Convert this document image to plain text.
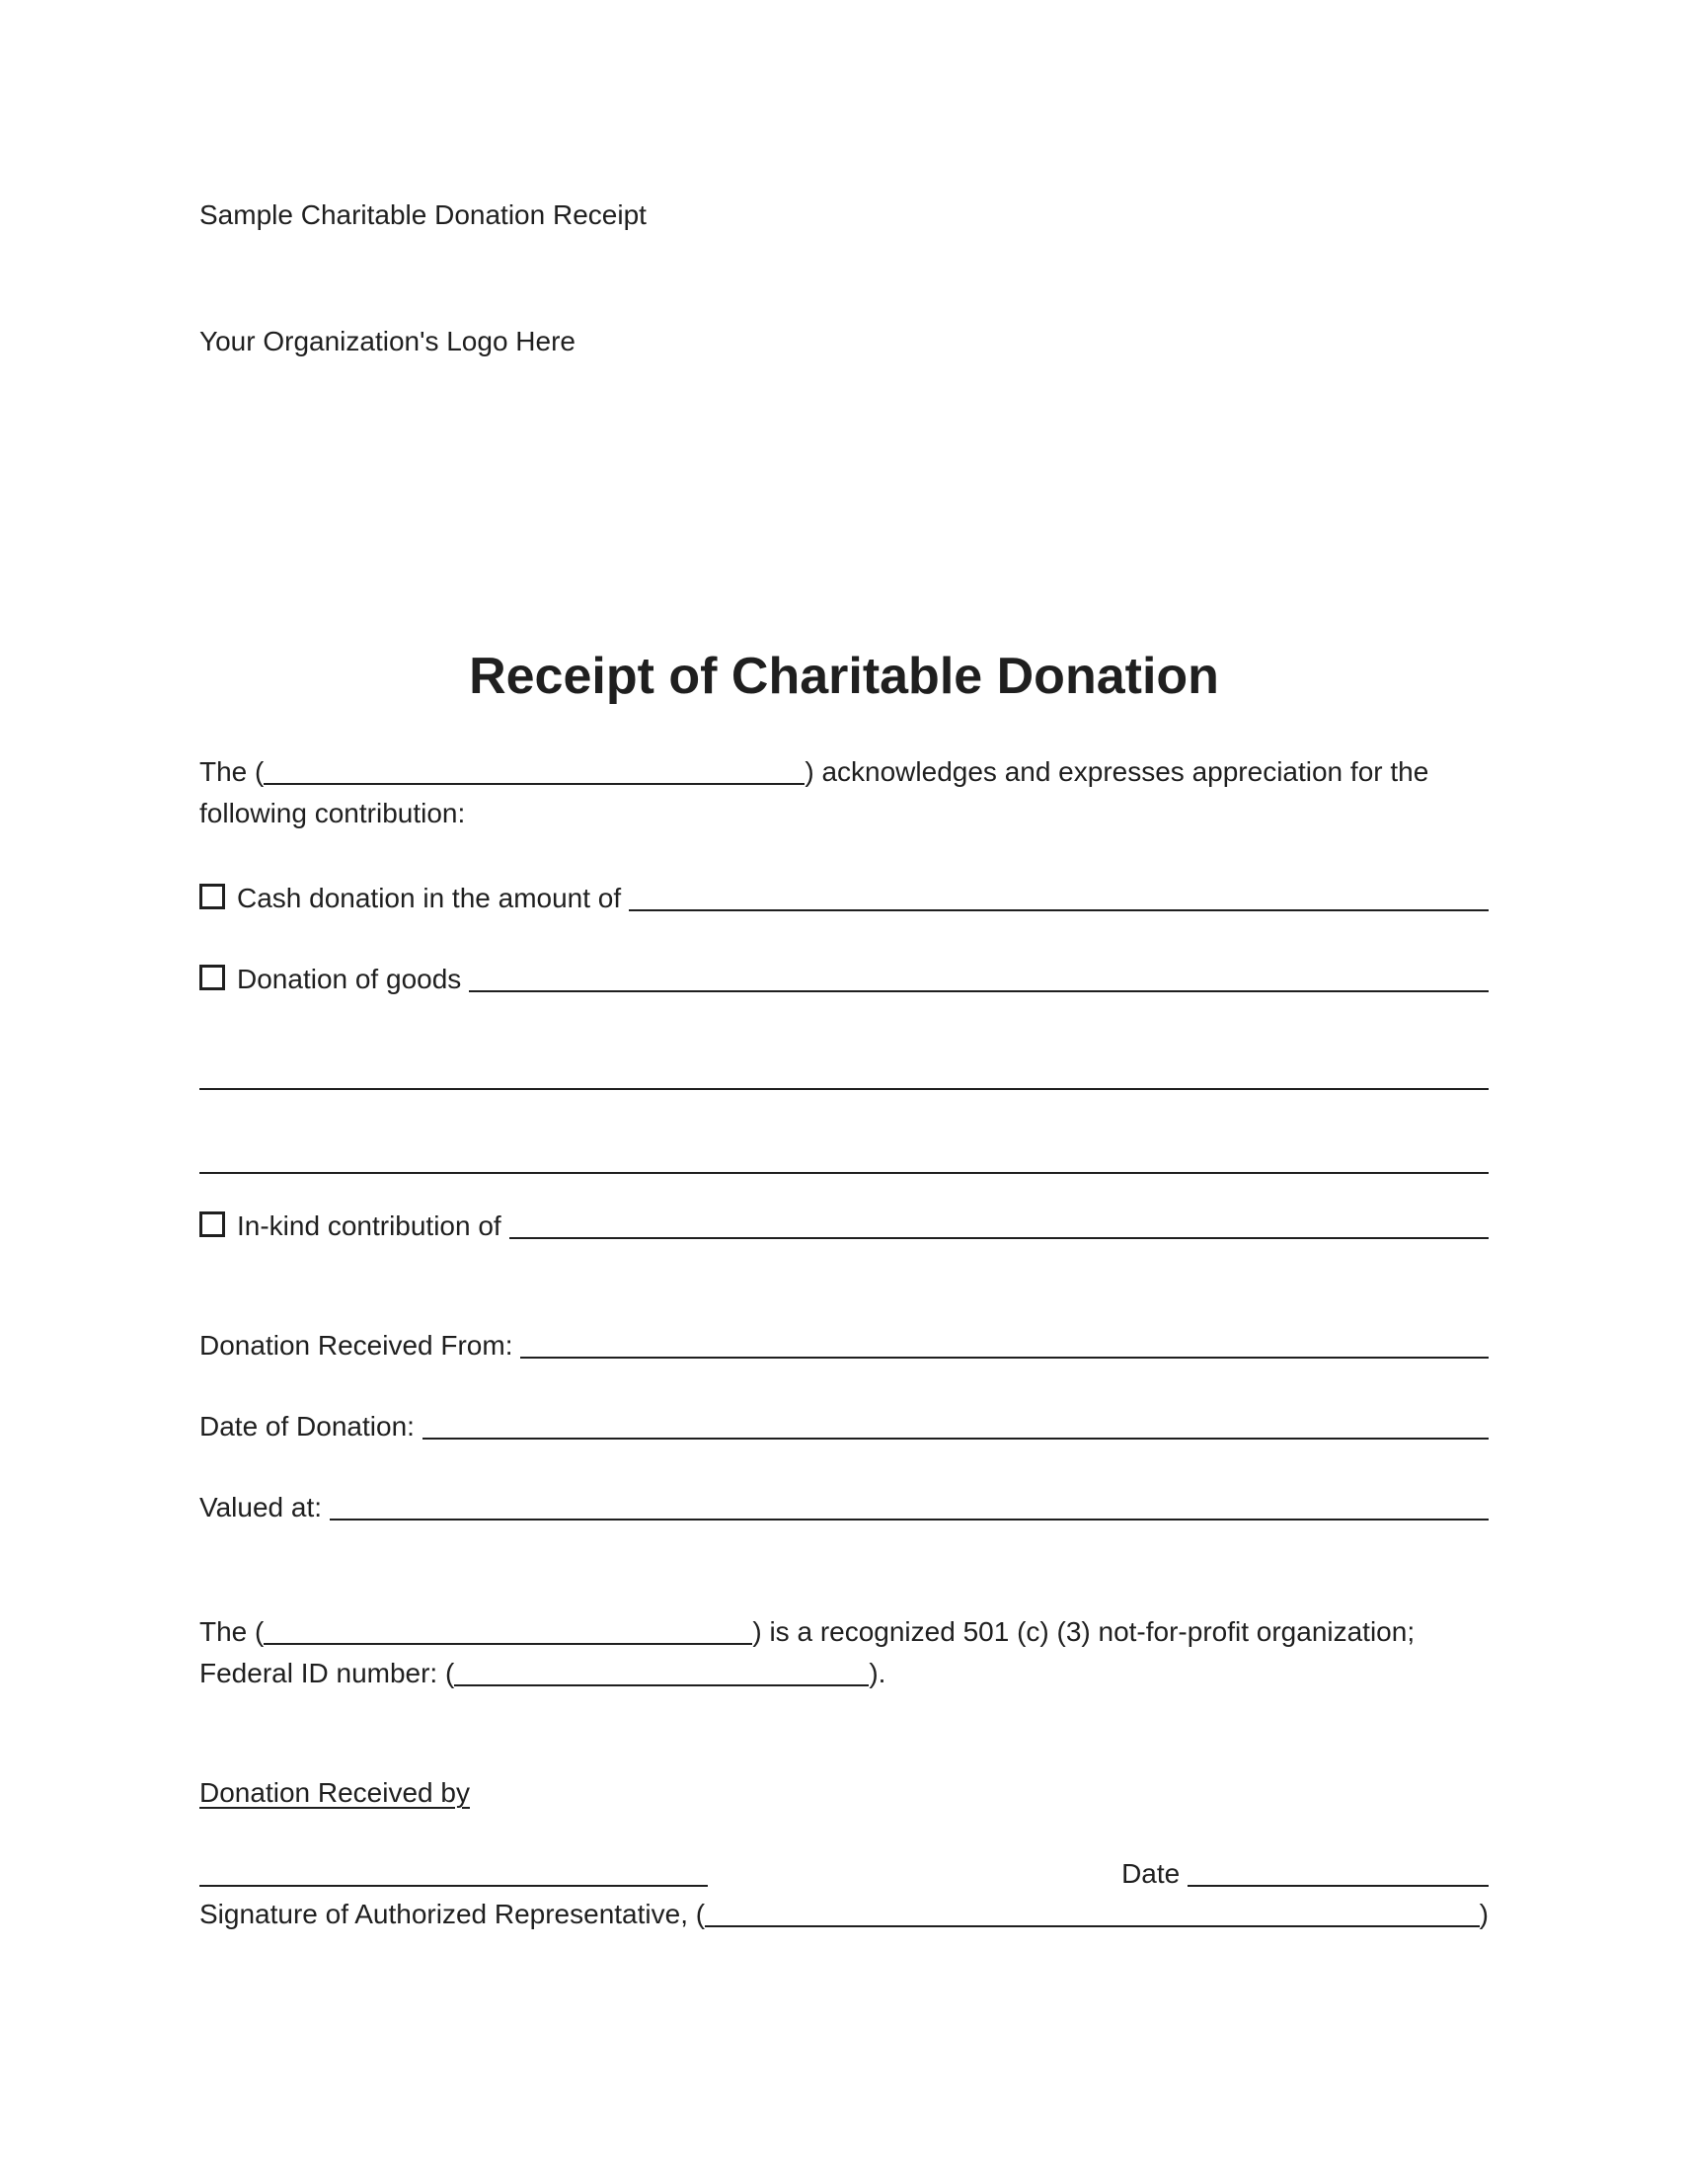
Sample Charitable Donation Receipt
Your Organization's Logo Here
Receipt of Charitable Donation
The (	) acknowledges and expresses appreciation for the
following contribution:
Cash donation in the amount of
Donation of goods
In-kind contribution of
Donation Received From:
Date of Donation:
Valued at:
The (	) is a recognized 501 (c) (3) not-for-profit organization;
Federal ID number: (	).
Donation Received by
Date
Signature of Authorized Representative, (	)
